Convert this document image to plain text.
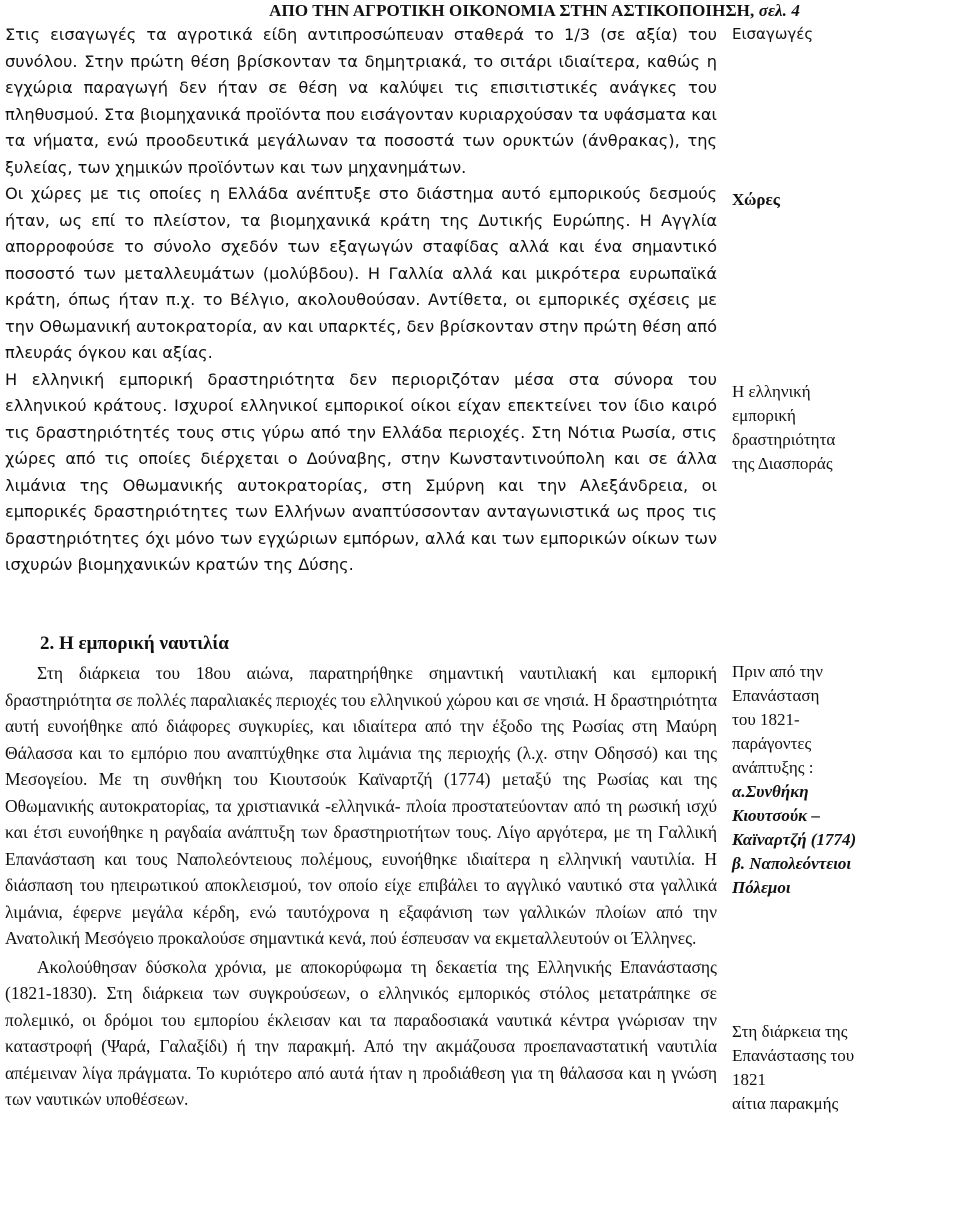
ΑΠΟ ΤΗΝ ΑΓΡΟΤΙΚΗ ΟΙΚΟΝΟΜΙΑ ΣΤΗΝ ΑΣΤΙΚΟΠΟΙΗΣΗ, σελ. 4

Στις εισαγωγές τα αγροτικά είδη αντιπροσώπευαν σταθερά το 1/3 (σε αξία) του συνόλου. Στην πρώτη θέση βρίσκονταν τα δημητριακά, το σιτάρι ιδιαίτερα, καθώς η εγχώρια παραγωγή δεν ήταν σε θέση να καλύψει τις επισιτιστικές ανάγκες του πληθυσμού. Στα βιομηχανικά προϊόντα που εισάγονταν κυριαρχούσαν τα υφάσματα και τα νήματα, ενώ προοδευτικά μεγάλωναν τα ποσοστά των ορυκτών (άνθρακας), της ξυλείας, των χημικών προϊόντων και των μηχανημάτων.

Οι χώρες με τις οποίες η Ελλάδα ανέπτυξε στο διάστημα αυτό εμπορικούς δεσμούς ήταν, ως επί το πλείστον, τα βιομηχανικά κράτη της Δυτικής Ευρώπης. Η Αγγλία απορροφούσε το σύνολο σχεδόν των εξαγωγών σταφίδας αλλά και ένα σημαντικό ποσοστό των μεταλλευμάτων (μολύβδου). Η Γαλλία αλλά και μικρότερα ευρωπαϊκά κράτη, όπως ήταν π.χ. το Βέλγιο, ακολουθούσαν. Αντίθετα, οι εμπορικές σχέσεις με την Οθωμανική αυτοκρατορία, αν και υπαρκτές, δεν βρίσκονταν στην πρώτη θέση από πλευράς όγκου και αξίας.

Η ελληνική εμπορική δραστηριότητα δεν περιοριζόταν μέσα στα σύνορα του ελληνικού κράτους. Ισχυροί ελληνικοί εμπορικοί οίκοι είχαν επεκτείνει τον ίδιο καιρό τις δραστηριότητές τους στις γύρω από την Ελλάδα περιοχές. Στη Νότια Ρωσία, στις χώρες από τις οποίες διέρχεται ο Δούναβης, στην Κωνσταντινούπολη και σε άλλα λιμάνια της Οθωμανικής αυτοκρατορίας, στη Σμύρνη και την Αλεξάνδρεια, οι εμπορικές δραστηριότητες των Ελλήνων αναπτύσσονταν ανταγωνιστικά ως προς τις δραστηριότητες όχι μόνο των εγχώριων εμπόρων, αλλά και των εμπορικών οίκων των ισχυρών βιομηχανικών κρατών της Δύσης.

2. Η εμπορική ναυτιλία

Στη διάρκεια του 18ου αιώνα, παρατηρήθηκε σημαντική ναυτιλιακή και εμπορική δραστηριότητα σε πολλές παραλιακές περιοχές του ελληνικού χώρου και σε νησιά. Η δραστηριότητα αυτή ευνοήθηκε από διάφορες συγκυρίες, και ιδιαίτερα από την έξοδο της Ρωσίας στη Μαύρη Θάλασσα και το εμπόριο που αναπτύχθηκε στα λιμάνια της περιοχής (λ.χ. στην Οδησσό) και της Μεσογείου. Με τη συνθήκη του Κιουτσούκ Καϊναρτζή (1774) μεταξύ της Ρωσίας και της Οθωμανικής αυτοκρατορίας, τα χριστιανικά -ελληνικά- πλοία προστατεύονταν από τη ρωσική ισχύ και έτσι ευνοήθηκε η ραγδαία ανάπτυξη των δραστηριοτήτων τους. Λίγο αργότερα, με τη Γαλλική Επανάσταση και τους Ναπολεόντειους πολέμους, ευνοήθηκε ιδιαίτερα η ελληνική ναυτιλία. Η διάσπαση του ηπειρωτικού αποκλεισμού, τον οποίο είχε επιβάλει το αγγλικό ναυτικό στα γαλλικά λιμάνια, έφερνε μεγάλα κέρδη, ενώ ταυτόχρονα η εξαφάνιση των γαλλικών πλοίων από την Ανατολική Μεσόγειο προκαλούσε σημαντικά κενά, πού έσπευσαν να εκμεταλλευτούν οι Έλληνες.

Ακολούθησαν δύσκολα χρόνια, με αποκορύφωμα τη δεκαετία της Ελληνικής Επανάστασης (1821-1830). Στη διάρκεια των συγκρούσεων, ο ελληνικός εμπορικός στόλος μετατράπηκε σε πολεμικό, οι δρόμοι του εμπορίου έκλεισαν και τα παραδοσιακά ναυτικά κέντρα γνώρισαν την καταστροφή (Ψαρά, Γαλαξίδι) ή την παρακμή. Από την ακμάζουσα προεπαναστατική ναυτιλία απέμειναν λίγα πράγματα. Το κυριότερο από αυτά ήταν η προδιάθεση για τη θάλασσα και η γνώση των ναυτικών υποθέσεων.

Εισαγωγές
Χώρες
Η ελληνική
εμπορική
δραστηριότητα
της Διασποράς
Πριν από την
Επανάσταση
του 1821-
παράγοντες
ανάπτυξης :
α.Συνθήκη
Κιουτσούκ –
Καϊναρτζή (1774)
β. Ναπολεόντειοι
Πόλεμοι
Στη διάρκεια της
Επανάστασης του
1821
αίτια παρακμής
